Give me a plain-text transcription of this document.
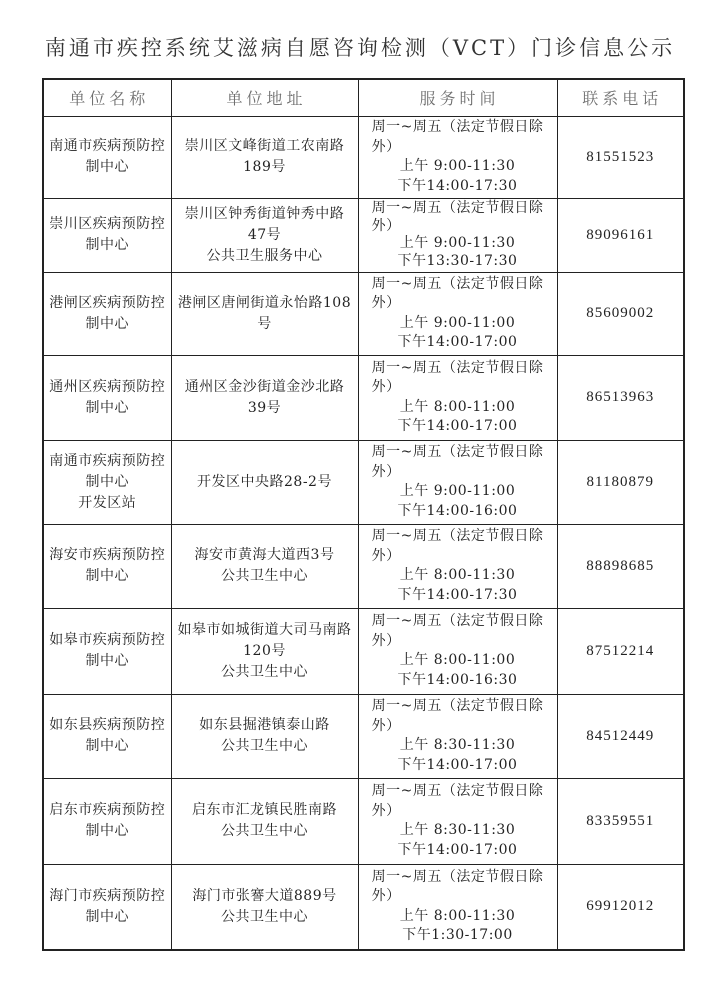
南通市疾控系统艾滋病自愿咨询检测（VCT）门诊信息公示
单位名称	单位地址	服务时间	联系电话

南通市疾病预防控
制中心	崇川区文峰街道工农南路
189号	周一~周五（法定节假日除
外）
上午 9:00-11:30
下午14:00-17:30	81551523

崇川区疾病预防控
制中心	崇川区钟秀街道钟秀中路
47号
公共卫生服务中心	周一~周五（法定节假日除
外）
上午 9:00-11:30
下午13:30-17:30	89096161

港闸区疾病预防控
制中心	港闸区唐闸街道永怡路108
号	周一~周五（法定节假日除
外）
上午 9:00-11:00
下午14:00-17:00	85609002

通州区疾病预防控
制中心	通州区金沙街道金沙北路
39号	周一~周五（法定节假日除
外）
上午 8:00-11:00
下午14:00-17:00	86513963

南通市疾病预防控
制中心
开发区站	开发区中央路28-2号	周一~周五（法定节假日除
外）
上午 9:00-11:00
下午14:00-16:00	81180879

海安市疾病预防控
制中心	海安市黄海大道西3号
公共卫生中心	周一~周五（法定节假日除
外）
上午 8:00-11:30
下午14:00-17:30	88898685

如皋市疾病预防控
制中心	如皋市如城街道大司马南路
120号
公共卫生中心	周一~周五（法定节假日除
外）
上午 8:00-11:00
下午14:00-16:30	87512214

如东县疾病预防控
制中心	如东县掘港镇泰山路
公共卫生中心	周一~周五（法定节假日除
外）
上午 8:30-11:30
下午14:00-17:00	84512449

启东市疾病预防控
制中心	启东市汇龙镇民胜南路
公共卫生中心	周一~周五（法定节假日除
外）
上午 8:30-11:30
下午14:00-17:00	83359551

海门市疾病预防控
制中心	海门市张謇大道889号
公共卫生中心	周一~周五（法定节假日除
外）
上午 8:00-11:30
下午1:30-17:00	69912012
